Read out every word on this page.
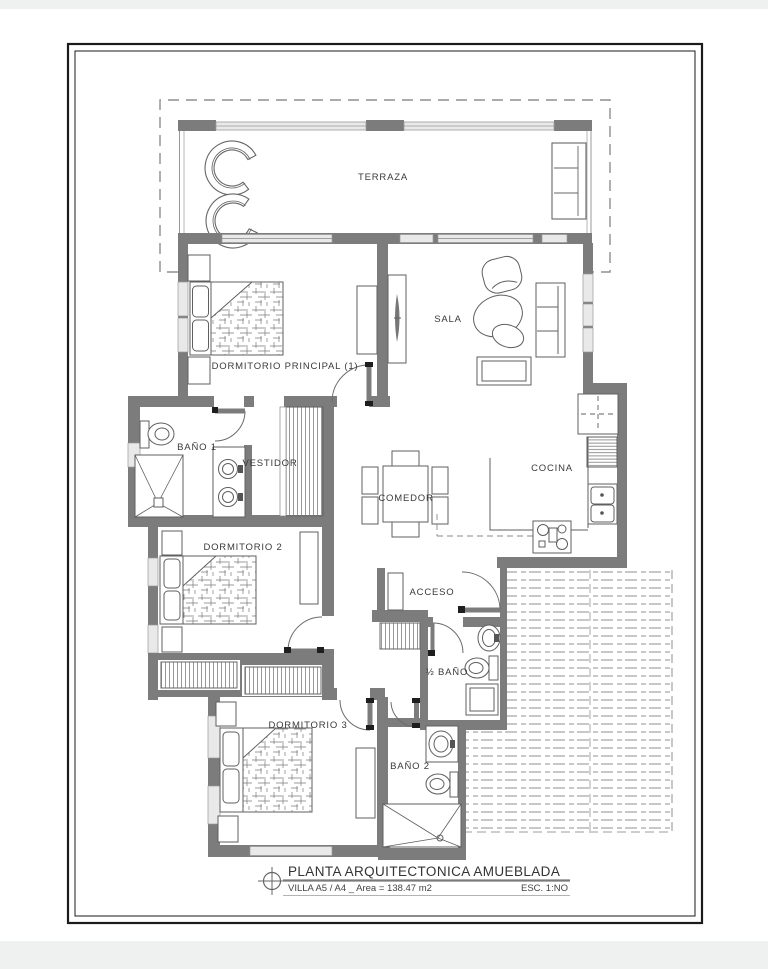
TERRAZA
DORMITORIO PRINCIPAL (1)
SALA
BAÑO 1
VESTIDOR
COMEDOR
COCINA
DORMITORIO 2
ACCESO
½ BAÑO
DORMITORIO 3
BAÑO 2
PLANTA ARQUITECTONICA AMUEBLADA
VILLA A5 / A4 _ Area = 138.47 m2	ESC. 1:NO
